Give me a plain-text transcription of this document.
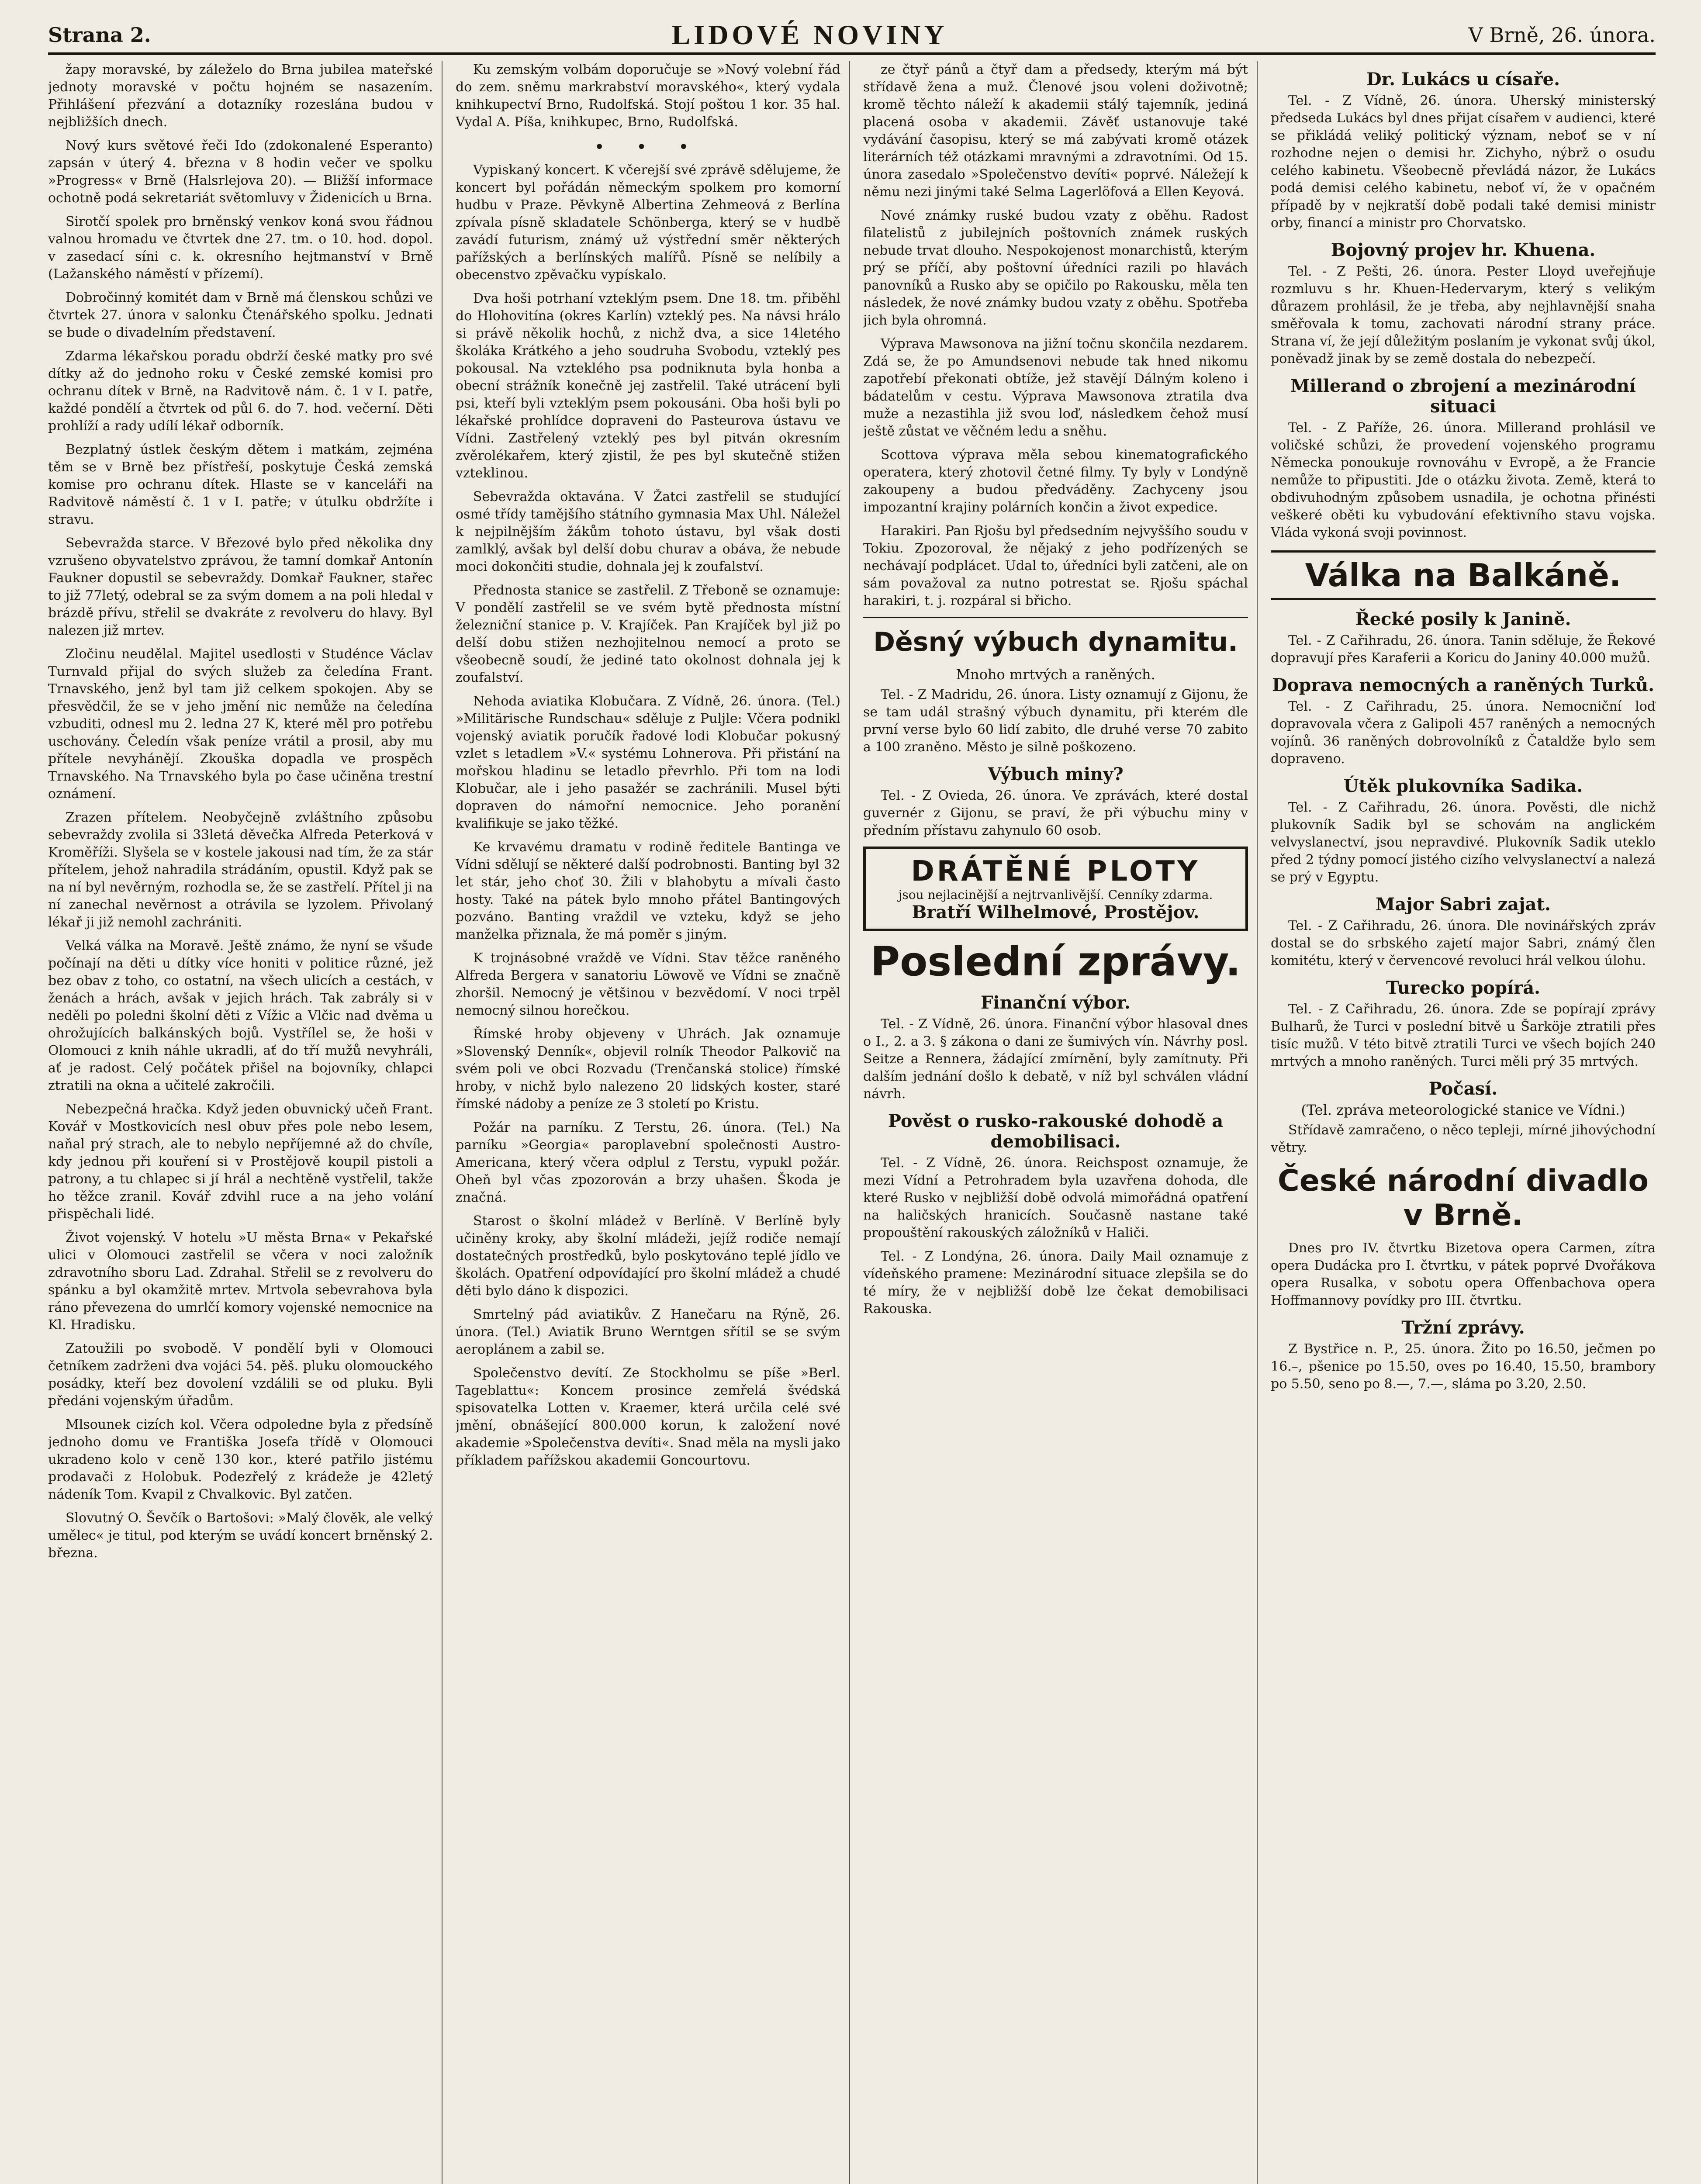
Strana 2.	LIDOVÉ NOVINY	V Brně, 26. února.

žapy moravské, by záleželo do Brna jubilea mateřské jednoty moravské v počtu hojném se nasazením. Přihlášení přezvání a dotazníky rozeslána budou v nejbližších dnech.

Nový kurs světové řeči Ido (zdokonalené Esperanto) zapsán v úterý 4. března v 8 hodin večer ve spolku »Progress« v Brně (Halsrlejova 20). — Bližší informace ochotně podá sekretariát světomluvy v Židenicích u Brna.

Sirotčí spolek pro brněnský venkov koná svou řádnou valnou hromadu ve čtvrtek dne 27. tm. o 10. hod. dopol. v zasedací síni c. k. okresního hejtmanství v Brně (Lažanského náměstí v přízemí).

Dobročinný komitét dam v Brně má členskou schůzi ve čtvrtek 27. února v salonku Čtenářského spolku. Jednati se bude o divadelním představení.

Zdarma lékařskou poradu obdrží české matky pro své dítky až do jednoho roku v České zemské komisi pro ochranu dítek v Brně, na Radvitově nám. č. 1 v I. patře, každé pondělí a čtvrtek od půl 6. do 7. hod. večerní. Děti prohlíží a rady udílí lékař odborník.

Bezplatný ústlek českým dětem i matkám, zejména těm se v Brně bez přístřeší, poskytuje Česká zemská komise pro ochranu dítek. Hlaste se v kanceláři na Radvitově náměstí č. 1 v I. patře; v útulku obdržíte i stravu.

Sebevražda starce. V Březové bylo před několika dny vzrušeno obyvatelstvo zprávou, že tamní domkař Antonín Faukner dopustil se sebevraždy. Domkař Faukner, stařec to již 77letý, odebral se za svým domem a na poli hledal v brázdě přívu, střelil se dvakráte z revolveru do hlavy. Byl nalezen již mrtev.

Zločinu neudělal. Majitel usedlosti v Studénce Václav Turnvald přijal do svých služeb za čeledína Frant. Trnavského, jenž byl tam již celkem spokojen. Aby se přesvědčil, že se v jeho jmění nic nemůže na čeledína vzbuditi, odnesl mu 2. ledna 27 K, které měl pro potřebu uschovány. Čeledín však peníze vrátil a prosil, aby mu přítele nevyhánějí. Zkouška dopadla ve prospěch Trnavského. Na Trnavského byla po čase učiněna trestní oznámení.

Zrazen přítelem. Neobyčejně zvláštního způsobu sebevraždy zvolila si 33letá děvečka Alfreda Peterková v Kroměříži. Slyšela se v kostele jakousi nad tím, že za stár přítelem, jehož nahradila strádáním, opustil. Když pak se na ní byl nevěrným, rozhodla se, že se zastřelí. Přítel ji na ní zanechal nevěrnost a otrávila se lyzolem. Přivolaný lékař ji již nemohl zachrániti.

Velká válka na Moravě. Ještě známo, že nyní se všude počínají na děti u dítky více honiti v politice různé, jež bez obav z toho, co ostatní, na všech ulicích a cestách, v ženách a hrách, avšak v jejich hrách. Tak zabrály si v neděli po poledni školní děti z Vížic a Vlčic nad dvěma u ohrožujících balkánských bojů. Vystřílel se, že hoši v Olomouci z knih náhle ukradli, ať do tří mužů nevyhráli, ať je radost. Celý počátek přišel na bojovníky, chlapci ztratili na okna a učitelé zakročili.

Nebezpečná hračka. Když jeden obuvnický učeň Frant. Kovář v Mostkovicích nesl obuv přes pole nebo lesem, naňal prý strach, ale to nebylo nepříjemné až do chvíle, kdy jednou při kouření si v Prostějově koupil pistoli a patrony, a tu chlapec si jí hrál a nechtěně vystřelil, takže ho těžce zranil. Kovář zdvihl ruce a na jeho volání přispěchali lidé.

Život vojenský. V hotelu »U města Brna« v Pekařské ulici v Olomouci zastřelil se včera v noci založník zdravotního sboru Lad. Zdrahal. Střelil se z revolveru do spánku a byl okamžitě mrtev. Mrtvola sebevrahova byla ráno převezena do umrlčí komory vojenské nemocnice na Kl. Hradisku.

Zatoužili po svobodě. V pondělí byli v Olomouci četníkem zadrženi dva vojáci 54. pěš. pluku olomouckého posádky, kteří bez dovolení vzdálili se od pluku. Byli předáni vojenským úřadům.

Mlsounek cizích kol. Včera odpoledne byla z předsíně jednoho domu ve Františka Josefa třídě v Olomouci ukradeno kolo v ceně 130 kor., které patřilo jistému prodavači z Holobuk. Podezřelý z krádeže je 42letý nádeník Tom. Kvapil z Chvalkovic. Byl zatčen.

Slovutný O. Ševčík o Bartošovi: »Malý člověk, ale velký umělec« je titul, pod kterým se uvádí koncert brněnský 2. března.

Ku zemským volbám doporučuje se »Nový volební řád do zem. sněmu markrabství moravského«, který vydala knihkupectví Brno, Rudolfská. Stojí poštou 1 kor. 35 hal. Vydal A. Píša, knihkupec, Brno, Rudolfská.

• • •

Vypiskaný koncert. K včerejší své zprávě sdělujeme, že koncert byl pořádán německým spolkem pro komorní hudbu v Praze. Pěvkyně Albertina Zehmeová z Berlína zpívala písně skladatele Schönberga, který se v hudbě zavádí futurism, známý už výstřední směr některých pařížských a berlínských malířů. Písně se nelíbily a obecenstvo zpěvačku vypískalo.

Dva hoši potrhaní vzteklým psem. Dne 18. tm. přiběhl do Hlohovitína (okres Karlín) vzteklý pes. Na návsi hrálo si právě několik hochů, z nichž dva, a sice 14letého školáka Krátkého a jeho soudruha Svobodu, vzteklý pes pokousal. Na vzteklého psa podniknuta byla honba a obecní strážník konečně jej zastřelil. Také utrácení byli psi, kteří byli vzteklým psem pokousáni. Oba hoši byli po lékařské prohlídce dopraveni do Pasteurova ústavu ve Vídni. Zastřelený vzteklý pes byl pitván okresním zvěrolékařem, který zjistil, že pes byl skutečně stižen vzteklinou.

Sebevražda oktavána. V Žatci zastřelil se studující osmé třídy tamějšího státního gymnasia Max Uhl. Náležel k nejpilnějším žákům tohoto ústavu, byl však dosti zamlklý, avšak byl delší dobu churav a obáva, že nebude moci dokončiti studie, dohnala jej k zoufalství.

Přednosta stanice se zastřelil. Z Třeboně se oznamuje: V pondělí zastřelil se ve svém bytě přednosta místní železniční stanice p. V. Krajíček. Pan Krajíček byl již po delší dobu stižen nezhojitelnou nemocí a proto se všeobecně soudí, že jediné tato okolnost dohnala jej k zoufalství.

Nehoda aviatika Klobučara. Z Vídně, 26. února. (Tel.) »Militärische Rundschau« sděluje z Puljle: Včera podnikl vojenský aviatik poručík řadové lodi Klobučar pokusný vzlet s letadlem »V.« systému Lohnerova. Při přistání na mořskou hladinu se letadlo převrhlo. Při tom na lodi Klobučar, ale i jeho pasažér se zachránili. Musel býti dopraven do námořní nemocnice. Jeho poranění kvalifikuje se jako těžké.

Ke krvavému dramatu v rodině ředitele Bantinga ve Vídni sdělují se některé další podrobnosti. Banting byl 32 let stár, jeho choť 30. Žili v blahobytu a mívali často hosty. Také na pátek bylo mnoho přátel Bantingových pozváno. Banting vraždil ve vzteku, když se jeho manželka přiznala, že má poměr s jiným.

K trojnásobné vraždě ve Vídni. Stav těžce raněného Alfreda Bergera v sanatoriu Löwově ve Vídni se značně zhoršil. Nemocný je většinou v bezvědomí. V noci trpěl nemocný silnou horečkou.

Římské hroby objeveny v Uhrách. Jak oznamuje »Slovenský Denník«, objevil rolník Theodor Palkovič na svém poli ve obci Rozvadu (Trenčanská stolice) římské hroby, v nichž bylo nalezeno 20 lidských koster, staré římské nádoby a peníze ze 3 století po Kristu.

Požár na parníku. Z Terstu, 26. února. (Tel.) Na parníku »Georgia« paroplavební společnosti Austro-Americana, který včera odplul z Terstu, vypukl požár. Oheň byl včas zpozorován a brzy uhašen. Škoda je značná.

Starost o školní mládež v Berlíně. V Berlíně byly učiněny kroky, aby školní mládeži, jejíž rodiče nemají dostatečných prostředků, bylo poskytováno teplé jídlo ve školách. Opatření odpovídající pro školní mládež a chudé děti bylo dáno k dispozici.

Smrtelný pád aviatikův. Z Hanečaru na Rýně, 26. února. (Tel.) Aviatik Bruno Werntgen sřítil se se svým aeroplánem a zabil se.

Společenstvo devítí. Ze Stockholmu se píše »Berl. Tageblattu«: Koncem prosince zemřelá švédská spisovatelka Lotten v. Kraemer, která určila celé své jmění, obnášející 800.000 korun, k založení nové akademie »Společenstva devíti«. Snad měla na mysli jako příkladem pařížskou akademii Goncourtovu.

ze čtyř pánů a čtyř dam a předsedy, kterým má být střídavě žena a muž. Členové jsou voleni doživotně; kromě těchto náleží k akademii stálý tajemník, jediná placená osoba v akademii. Závěť ustanovuje také vydávání časopisu, který se má zabývati kromě otázek literárních též otázkami mravnými a zdravotními. Od 15. února zasedalo »Společenstvo devíti« poprvé. Náležejí k němu nezi jinými také Selma Lagerlöfová a Ellen Keyová.

Nové známky ruské budou vzaty z oběhu. Radost filatelistů z jubilejních poštovních známek ruských nebude trvat dlouho. Nespokojenost monarchistů, kterým prý se příčí, aby poštovní úředníci razili po hlavách panovníků a Rusko aby se opičilo po Rakousku, měla ten následek, že nové známky budou vzaty z oběhu. Spotřeba jich byla ohromná.

Výprava Mawsonova na jižní točnu skončila nezdarem. Zdá se, že po Amundsenovi nebude tak hned nikomu zapotřebí překonati obtíže, jež stavějí Dálným koleno i bádatelům v cestu. Výprava Mawsonova ztratila dva muže a nezastihla již svou loď, následkem čehož musí ještě zůstat ve věčném ledu a sněhu.

Scottova výprava měla sebou kinematografického operatera, který zhotovil četné filmy. Ty byly v Londýně zakoupeny a budou předváděny. Zachyceny jsou impozantní krajiny polárních končin a život expedice.

Harakiri. Pan Rjošu byl předsedním nejvyššího soudu v Tokiu. Zpozoroval, že nějaký z jeho podřízených se nechávají podplácet. Udal to, úředníci byli zatčeni, ale on sám považoval za nutno potrestat se. Rjošu spáchal harakiri, t. j. rozpáral si břicho.

Děsný výbuch dynamitu.
Mnoho mrtvých a raněných.

Tel. - Z Madridu, 26. února. Listy oznamují z Gijonu, že se tam udál strašný výbuch dynamitu, při kterém dle první verse bylo 60 lidí zabito, dle druhé verse 70 zabito a 100 zraněno. Město je silně poškozeno.

Výbuch miny?

Tel. - Z Ovieda, 26. února. Ve zprávách, které dostal guvernér z Gijonu, se praví, že při výbuchu miny v předním přístavu zahynulo 60 osob.

DRÁTĚNÉ PLOTY
jsou nejlacinější a nejtrvanlivější. Cenníky zdarma.
Bratří Wilhelmové, Prostějov.
Poslední zprávy.
Finanční výbor.

Tel. - Z Vídně, 26. února. Finanční výbor hlasoval dnes o I., 2. a 3. § zákona o dani ze šumivých vín. Návrhy posl. Seitze a Rennera, žádající zmírnění, byly zamítnuty. Při dalším jednání došlo k debatě, v níž byl schválen vládní návrh.

Pověst o rusko-rakouské dohodě a demobilisaci.

Tel. - Z Vídně, 26. února. Reichspost oznamuje, že mezi Vídní a Petrohradem byla uzavřena dohoda, dle které Rusko v nejbližší době odvolá mimořádná opatření na haličských hranicích. Současně nastane také propouštění rakouských záložníků v Haliči.

Tel. - Z Londýna, 26. února. Daily Mail oznamuje z vídeňského pramene: Mezinárodní situace zlepšila se do té míry, že v nejbližší době lze čekat demobilisaci Rakouska.

Dr. Lukács u císaře.

Tel. - Z Vídně, 26. února. Uherský ministerský předseda Lukács byl dnes přijat císařem v audienci, které se přikládá veliký politický význam, neboť se v ní rozhodne nejen o demisi hr. Zichyho, nýbrž o osudu celého kabinetu. Všeobecně převládá názor, že Lukács podá demisi celého kabinetu, neboť ví, že v opačném případě by v nejkratší době podali také demisi ministr orby, financí a ministr pro Chorvatsko.

Bojovný projev hr. Khuena.

Tel. - Z Pešti, 26. února. Pester Lloyd uveřejňuje rozmluvu s hr. Khuen-Hedervarym, který s velikým důrazem prohlásil, že je třeba, aby nejhlavnější snaha směřovala k tomu, zachovati národní strany práce. Strana ví, že její důležitým poslaním je vykonat svůj úkol, poněvadž jinak by se země dostala do nebezpečí.

Millerand o zbrojení a mezinárodní situaci

Tel. - Z Paříže, 26. února. Millerand prohlásil ve voličské schůzi, že provedení vojenského programu Německa ponoukuje rovnováhu v Evropě, a že Francie nemůže to připustiti. Jde o otázku života. Země, která to obdivuhodným způsobem usnadila, je ochotna přinésti veškeré oběti ku vybudování efektivního stavu vojska. Vláda vykoná svoji povinnost.

Válka na Balkáně.
Řecké posily k Janině.

Tel. - Z Cařihradu, 26. února. Tanin sděluje, že Řekové dopravují přes Karaferii a Koricu do Janiny 40.000 mužů.

Doprava nemocných a raněných Turků.

Tel. - Z Cařihradu, 25. února. Nemocniční loď dopravovala včera z Galipoli 457 raněných a nemocných vojínů. 36 raněných dobrovolníků z Čataldže bylo sem dopraveno.

Útěk plukovníka Sadika.

Tel. - Z Cařihradu, 26. února. Pověsti, dle nichž plukovník Sadik byl se schovám na anglickém velvyslanectví, jsou nepravdivé. Plukovník Sadik uteklo před 2 týdny pomocí jistého cizího velvyslanectví a nalezá se prý v Egyptu.

Major Sabri zajat.

Tel. - Z Cařihradu, 26. února. Dle novinářských zpráv dostal se do srbského zajetí major Sabri, známý člen komitétu, který v červencové revoluci hrál velkou úlohu.

Turecko popírá.

Tel. - Z Cařihradu, 26. února. Zde se popírají zprávy Bulharů, že Turci v poslední bitvě u Šarköje ztratili přes tisíc mužů. V této bitvě ztratili Turci ve všech bojích 240 mrtvých a mnoho raněných. Turci měli prý 35 mrtvých.

Počasí.
(Tel. zpráva meteorologické stanice ve Vídni.)

Střídavě zamračeno, o něco tepleji, mírné jihovýchodní větry.

České národní divadlo v Brně.

Dnes pro IV. čtvrtku Bizetova opera Carmen, zítra opera Dudácka pro I. čtvrtku, v pátek poprvé Dvořákova opera Rusalka, v sobotu opera Offenbachova opera Hoffmannovy povídky pro III. čtvrtku.

Tržní zprávy.

Z Bystřice n. P., 25. února. Žito po 16.50, ječmen po 16.–, pšenice po 15.50, oves po 16.40, 15.50, brambory po 5.50, seno po 8.—, 7.—, sláma po 3.20, 2.50.
